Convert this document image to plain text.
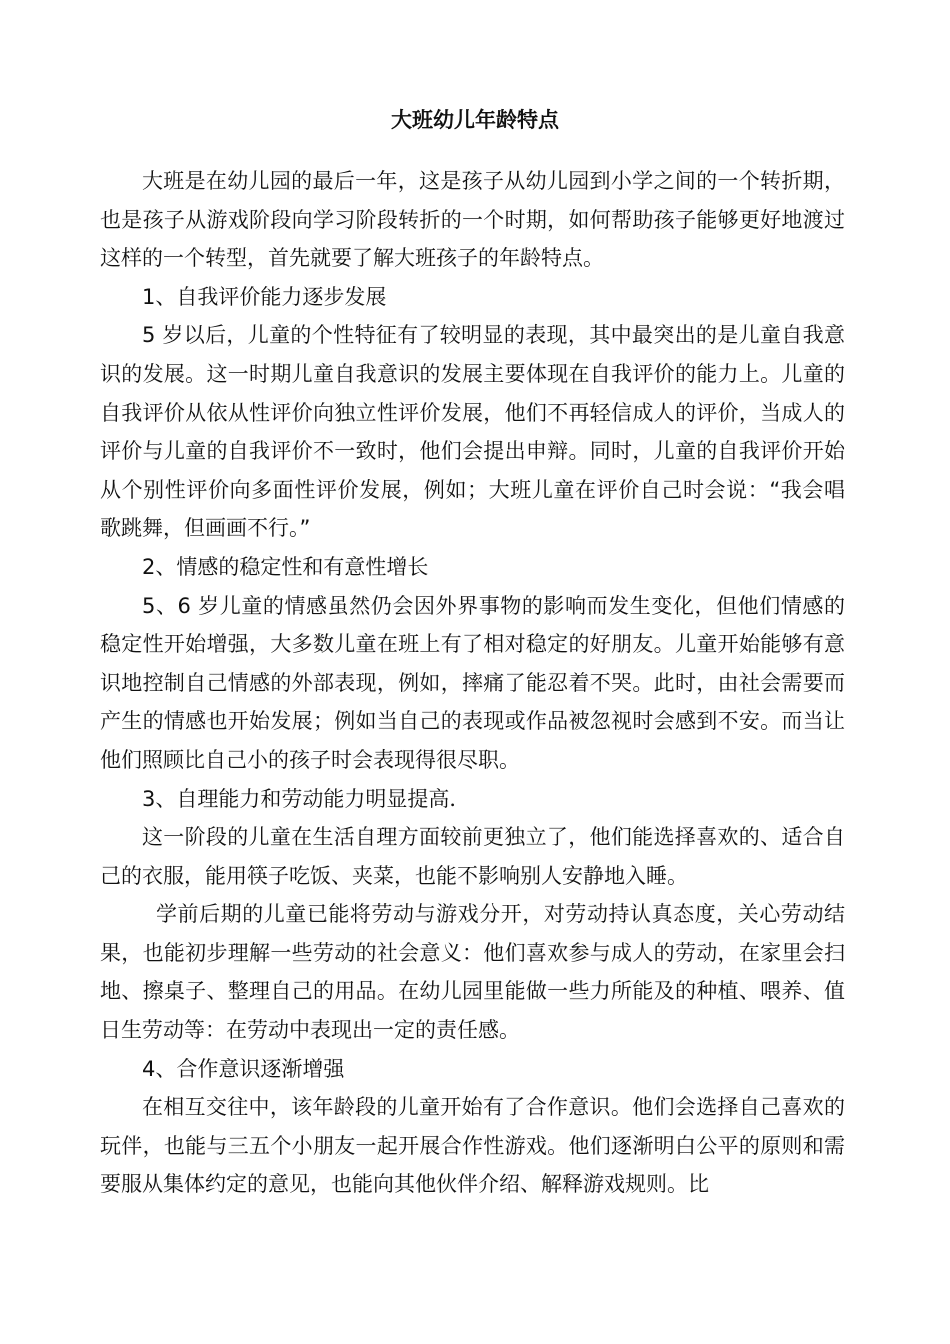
大班幼儿年龄特点

大班是在幼儿园的最后一年，这是孩子从幼儿园到小学之间的一个转折期，也是孩子从游戏阶段向学习阶段转折的一个时期，如何帮助孩子能够更好地渡过这样的一个转型，首先就要了解大班孩子的年龄特点。

1、自我评价能力逐步发展

5 岁以后，儿童的个性特征有了较明显的表现，其中最突出的是儿童自我意识的发展。这一时期儿童自我意识的发展主要体现在自我评价的能力上。儿童的自我评价从依从性评价向独立性评价发展，他们不再轻信成人的评价，当成人的评价与儿童的自我评价不一致时，他们会提出申辩。同时，儿童的自我评价开始从个别性评价向多面性评价发展，例如；大班儿童在评价自己时会说：“我会唱歌跳舞，但画画不行。”

2、情感的稳定性和有意性增长

5、6 岁儿童的情感虽然仍会因外界事物的影响而发生变化，但他们情感的稳定性开始增强，大多数儿童在班上有了相对稳定的好朋友。儿童开始能够有意识地控制自己情感的外部表现，例如，摔痛了能忍着不哭。此时，由社会需要而产生的情感也开始发展；例如当自己的表现或作品被忽视时会感到不安。而当让他们照顾比自己小的孩子时会表现得很尽职。

3、自理能力和劳动能力明显提高．

这一阶段的儿童在生活自理方面较前更独立了，他们能选择喜欢的、适合自己的衣服，能用筷子吃饭、夹菜，也能不影响别人安静地入睡。

学前后期的儿童已能将劳动与游戏分开，对劳动持认真态度，关心劳动结果，也能初步理解一些劳动的社会意义：他们喜欢参与成人的劳动，在家里会扫地、擦桌子、整理自己的用品。在幼儿园里能做一些力所能及的种植、喂养、值日生劳动等：在劳动中表现出一定的责任感。

4、合作意识逐渐增强

在相互交往中，该年龄段的儿童开始有了合作意识。他们会选择自己喜欢的玩伴，也能与三五个小朋友一起开展合作性游戏。他们逐渐明白公平的原则和需要服从集体约定的意见，也能向其他伙伴介绍、解释游戏规则。比
